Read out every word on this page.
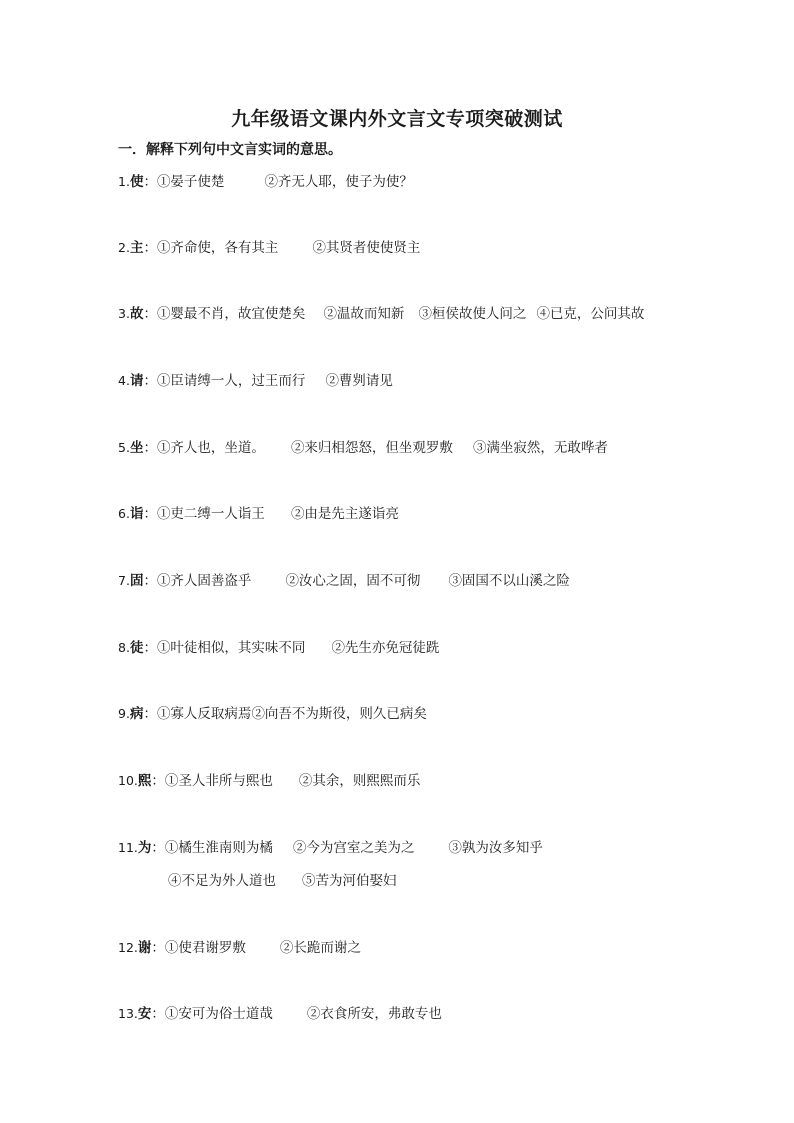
九年级语文课内外文言文专项突破测试
一．解释下列句中文言实词的意思。
1.使：①晏子使楚	②齐无人耶，使子为使？
2.主：①齐命使，各有其主	②其贤者使使贤主
3.故：①婴最不肖，故宜使楚矣 ②温故而知新 ③桓侯故使人问之 ④已克，公问其故
4.请：①臣请缚一人，过王而行 ②曹刿请见
5.坐：①齐人也，坐道。 ②来归相怨怒，但坐观罗敷 ③满坐寂然，无敢哗者
6.诣：①吏二缚一人诣王 ②由是先主遂诣亮
7.固：①齐人固善盗乎	②汝心之固，固不可彻 ③固国不以山溪之险
8.徒：①叶徒相似，其实味不同 ②先生亦免冠徒跣
9.病：①寡人反取病焉②向吾不为斯役，则久已病矣
10.熙：①圣人非所与熙也 ②其余，则熙熙而乐
11.为：①橘生淮南则为橘 ②今为宫室之美为之	③孰为汝多知乎
④不足为外人道也 ⑤苦为河伯娶妇
12.谢：①使君谢罗敷	②长跪而谢之
13.安：①安可为俗士道哉	②衣食所安，弗敢专也
